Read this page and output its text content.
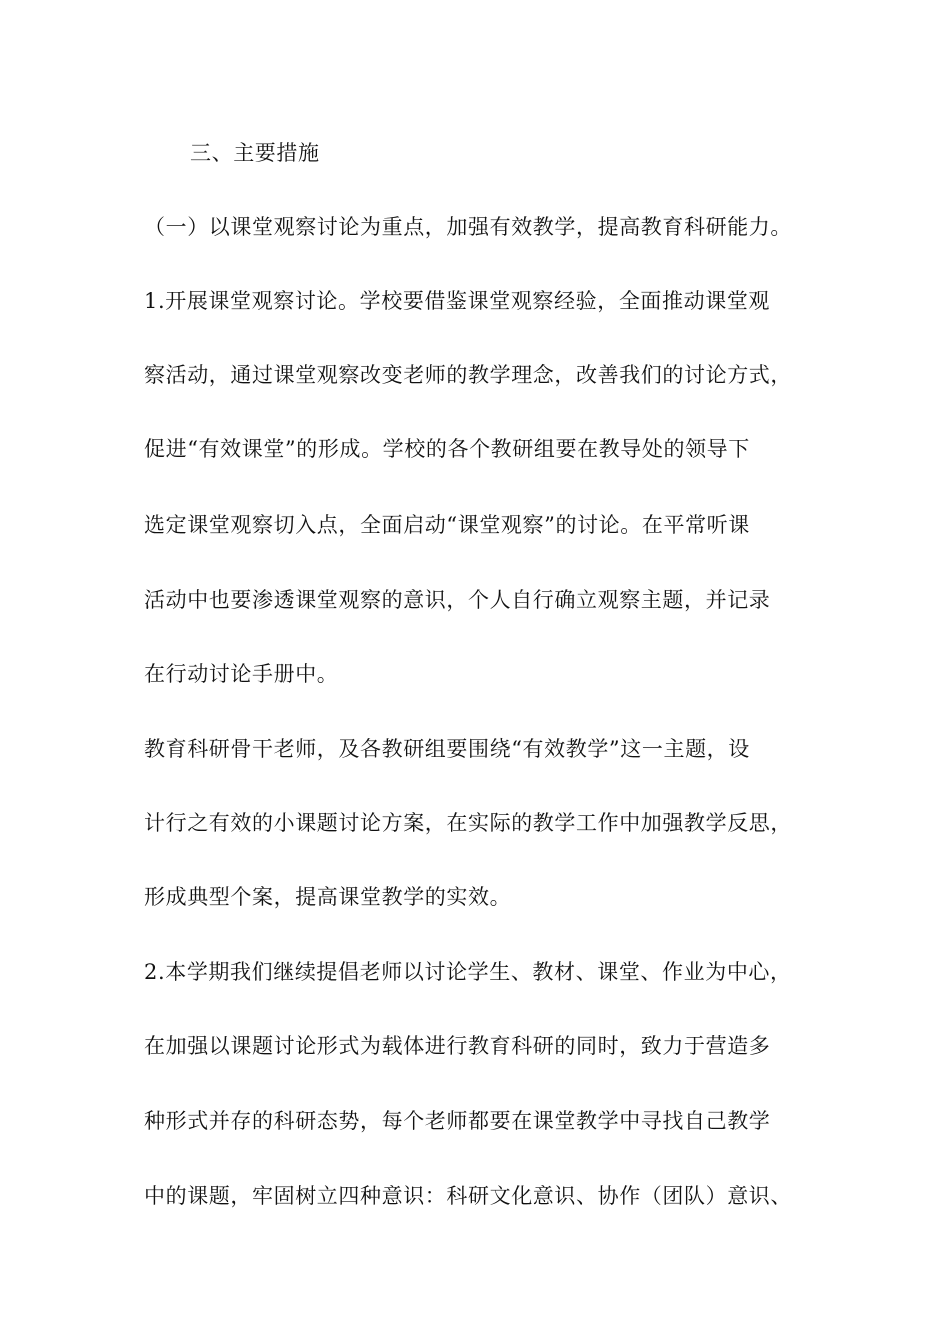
三、主要措施
（一）以课堂观察讨论为重点，加强有效教学，提高教育科研能力。
1.开展课堂观察讨论。学校要借鉴课堂观察经验，全面推动课堂观
察活动，通过课堂观察改变老师的教学理念，改善我们的讨论方式，
促进“有效课堂”的形成。学校的各个教研组要在教导处的领导下
选定课堂观察切入点，全面启动“课堂观察”的讨论。在平常听课
活动中也要渗透课堂观察的意识，个人自行确立观察主题，并记录
在行动讨论手册中。
教育科研骨干老师，及各教研组要围绕“有效教学”这一主题，设
计行之有效的小课题讨论方案，在实际的教学工作中加强教学反思，
形成典型个案，提高课堂教学的实效。
2.本学期我们继续提倡老师以讨论学生、教材、课堂、作业为中心，
在加强以课题讨论形式为载体进行教育科研的同时，致力于营造多
种形式并存的科研态势，每个老师都要在课堂教学中寻找自己教学
中的课题，牢固树立四种意识：科研文化意识、协作（团队）意识、
